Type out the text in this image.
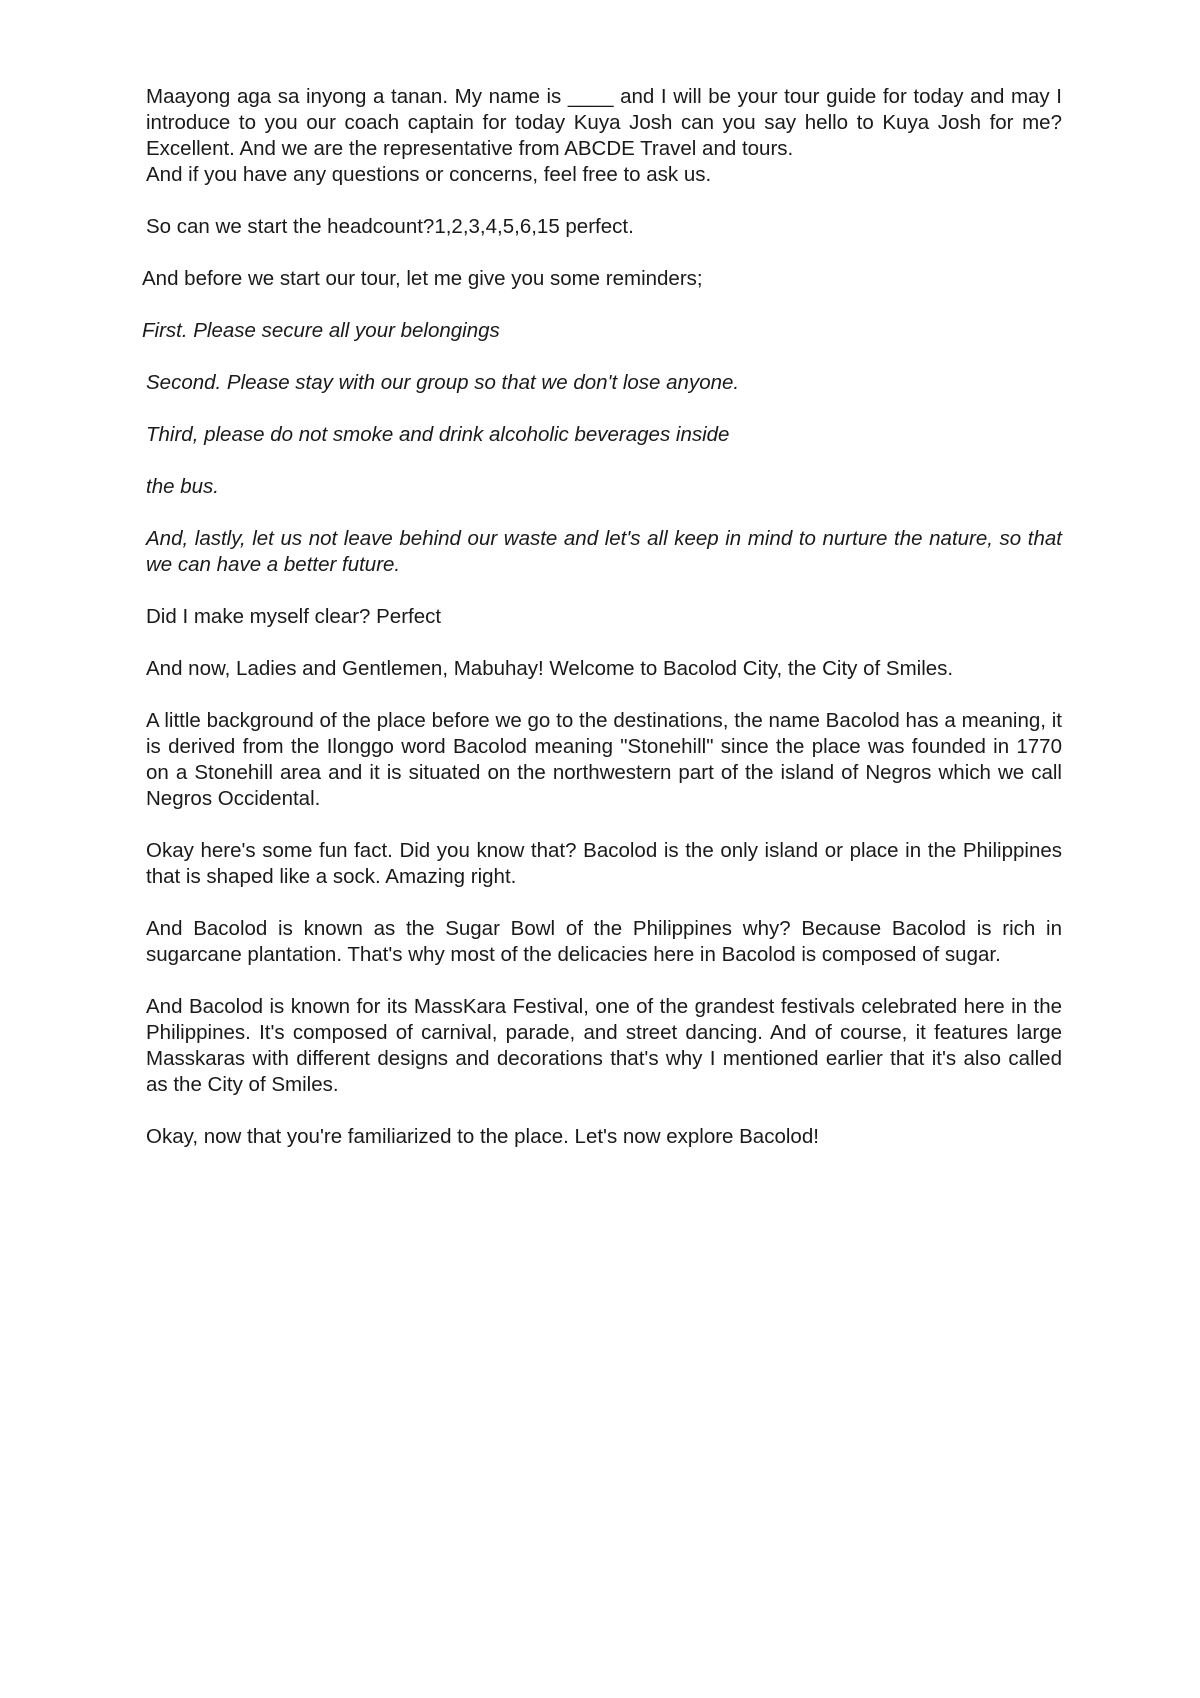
Maayong aga sa inyong a tanan. My name is ____ and I will be your tour guide for today and may I introduce to you our coach captain for today Kuya Josh can you say hello to Kuya Josh for me? Excellent. And we are the representative from ABCDE Travel and tours.
And if you have any questions or concerns, feel free to ask us.

So can we start the headcount?1,2,3,4,5,6,15 perfect.

And before we start our tour, let me give you some reminders;

First. Please secure all your belongings

Second. Please stay with our group so that we don't lose anyone.

Third, please do not smoke and drink alcoholic beverages inside

the bus.

And, lastly, let us not leave behind our waste and let's all keep in mind to nurture the nature, so that we can have a better future.

Did I make myself clear? Perfect

And now, Ladies and Gentlemen, Mabuhay! Welcome to Bacolod City, the City of Smiles.

A little background of the place before we go to the destinations, the name Bacolod has a meaning, it is derived from the Ilonggo word Bacolod meaning "Stonehill" since the place was founded in 1770 on a Stonehill area and it is situated on the northwestern part of the island of Negros which we call Negros Occidental.

Okay here's some fun fact. Did you know that? Bacolod is the only island or place in the Philippines that is shaped like a sock. Amazing right.

And Bacolod is known as the Sugar Bowl of the Philippines why? Because Bacolod is rich in sugarcane plantation. That's why most of the delicacies here in Bacolod is composed of sugar.

And Bacolod is known for its MassKara Festival, one of the grandest festivals celebrated here in the Philippines. It's composed of carnival, parade, and street dancing. And of course, it features large Masskaras with different designs and decorations that's why I mentioned earlier that it's also called as the City of Smiles.

Okay, now that you're familiarized to the place. Let's now explore Bacolod!
